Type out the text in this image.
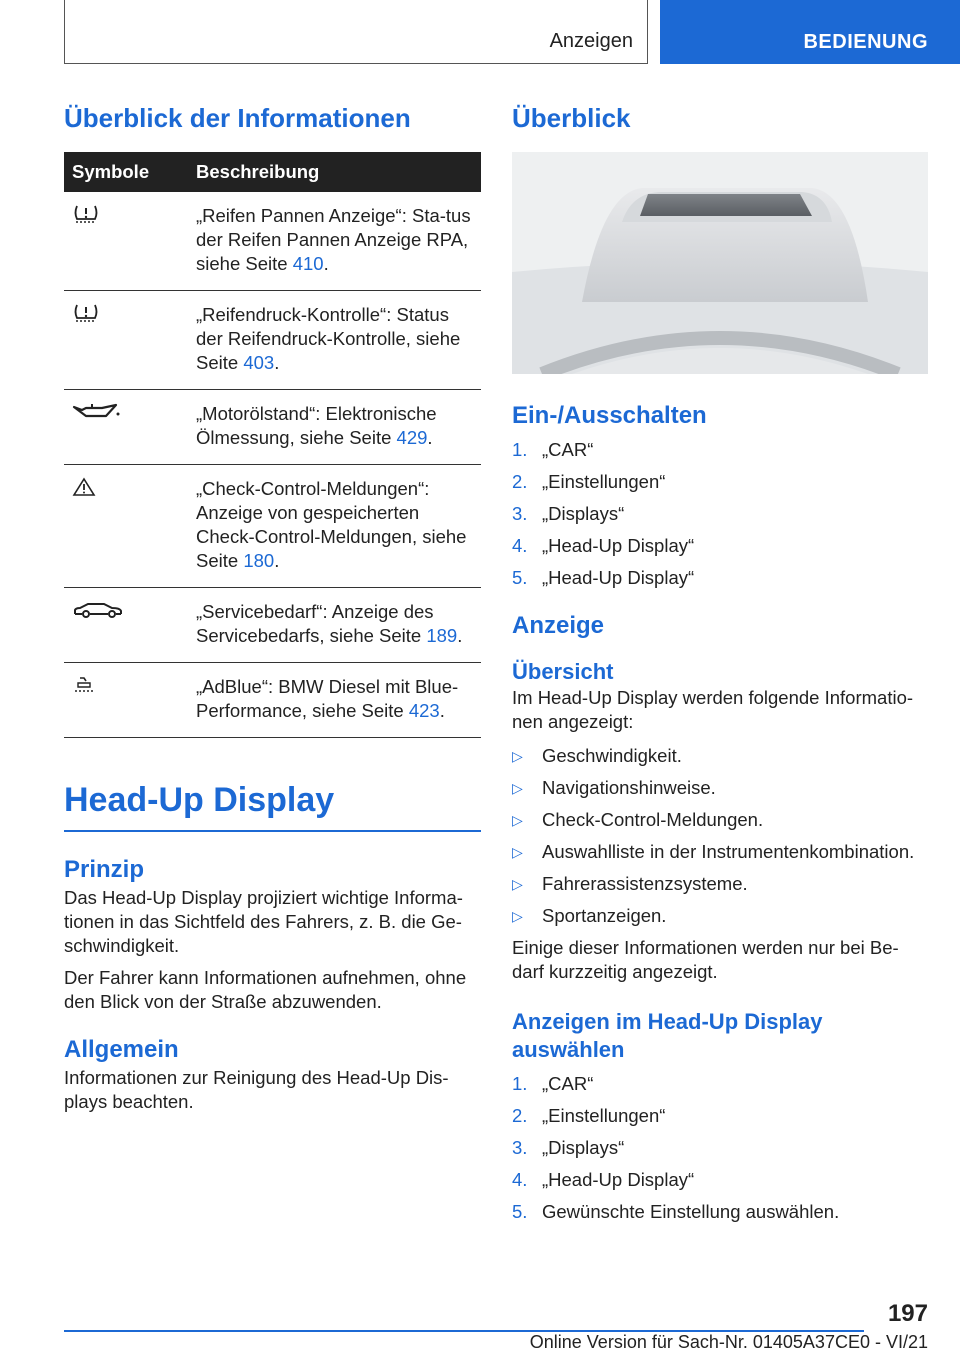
Anzeigen	BEDIENUNG
Überblick der Informationen
Symbole	Beschreibung

	„Reifen Pannen Anzeige“: Sta-tus der Reifen Pannen Anzeige RPA, siehe Seite 410.

	„Reifendruck-Kontrolle“: Status der Reifendruck-Kontrolle, siehe Seite 403.

	„Motorölstand“: Elektronische Ölmessung, siehe Seite 429.

	„Check-Control-Meldungen“: Anzeige von gespeicherten Check-Control-Meldungen, siehe Seite 180.

	„Servicebedarf“: Anzeige des Servicebedarfs, siehe Seite 189.

	„AdBlue“: BMW Diesel mit Blue-Performance, siehe Seite 423.
Head-Up Display
Prinzip

Das Head-Up Display projiziert wichtige Informa-tionen in das Sichtfeld des Fahrers, z. B. die Ge-schwindigkeit.

Der Fahrer kann Informationen aufnehmen, ohne den Blick von der Straße abzuwenden.

Allgemein

Informationen zur Reinigung des Head-Up Dis-plays beachten.

Überblick
Ein-/Ausschalten
1. „CAR“
2. „Einstellungen“
3. „Displays“
4. „Head-Up Display“
5. „Head-Up Display“
Anzeige
Übersicht

Im Head-Up Display werden folgende Informatio-nen angezeigt:

▷ Geschwindigkeit.
▷ Navigationshinweise.
▷ Check-Control-Meldungen.
▷ Auswahlliste in der Instrumentenkombination.
▷ Fahrerassistenzsysteme.
▷ Sportanzeigen.

Einige dieser Informationen werden nur bei Be-darf kurzzeitig angezeigt.

Anzeigen im Head-Up Display auswählen
1. „CAR“
2. „Einstellungen“
3. „Displays“
4. „Head-Up Display“
5. Gewünschte Einstellung auswählen.
197
Online Version für Sach-Nr. 01405A37CE0 - VI/21
